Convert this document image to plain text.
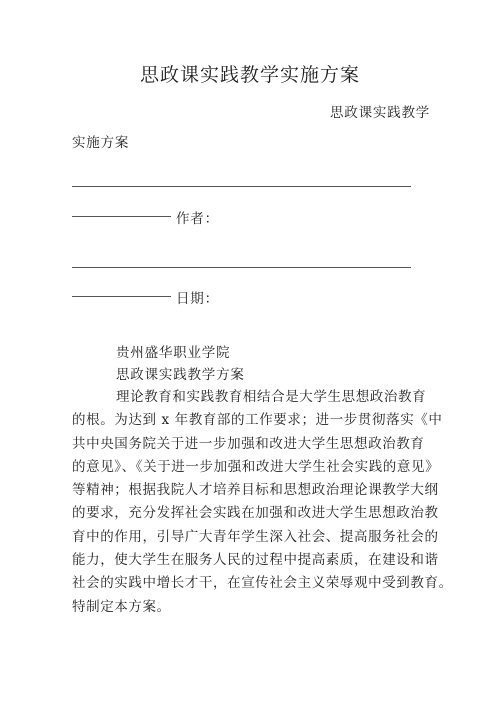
思政课实践教学实施方案
思政课实践教学
实施方案
作者：
日期：
贵州盛华职业学院
思政课实践教学方案
理论教育和实践教育相结合是大学生思想政治教育
的根。为达到 x 年教育部的工作要求；进一步贯彻落实《中
共中央国务院关于进一步加强和改进大学生思想政治教育
的意见》、《关于进一步加强和改进大学生社会实践的意见》
等精神；根据我院人才培养目标和思想政治理论课教学大纲
的要求，充分发挥社会实践在加强和改进大学生思想政治教
育中的作用，引导广大青年学生深入社会、提高服务社会的
能力，使大学生在服务人民的过程中提高素质，在建设和谐
社会的实践中增长才干，在宣传社会主义荣辱观中受到教育。
特制定本方案。
